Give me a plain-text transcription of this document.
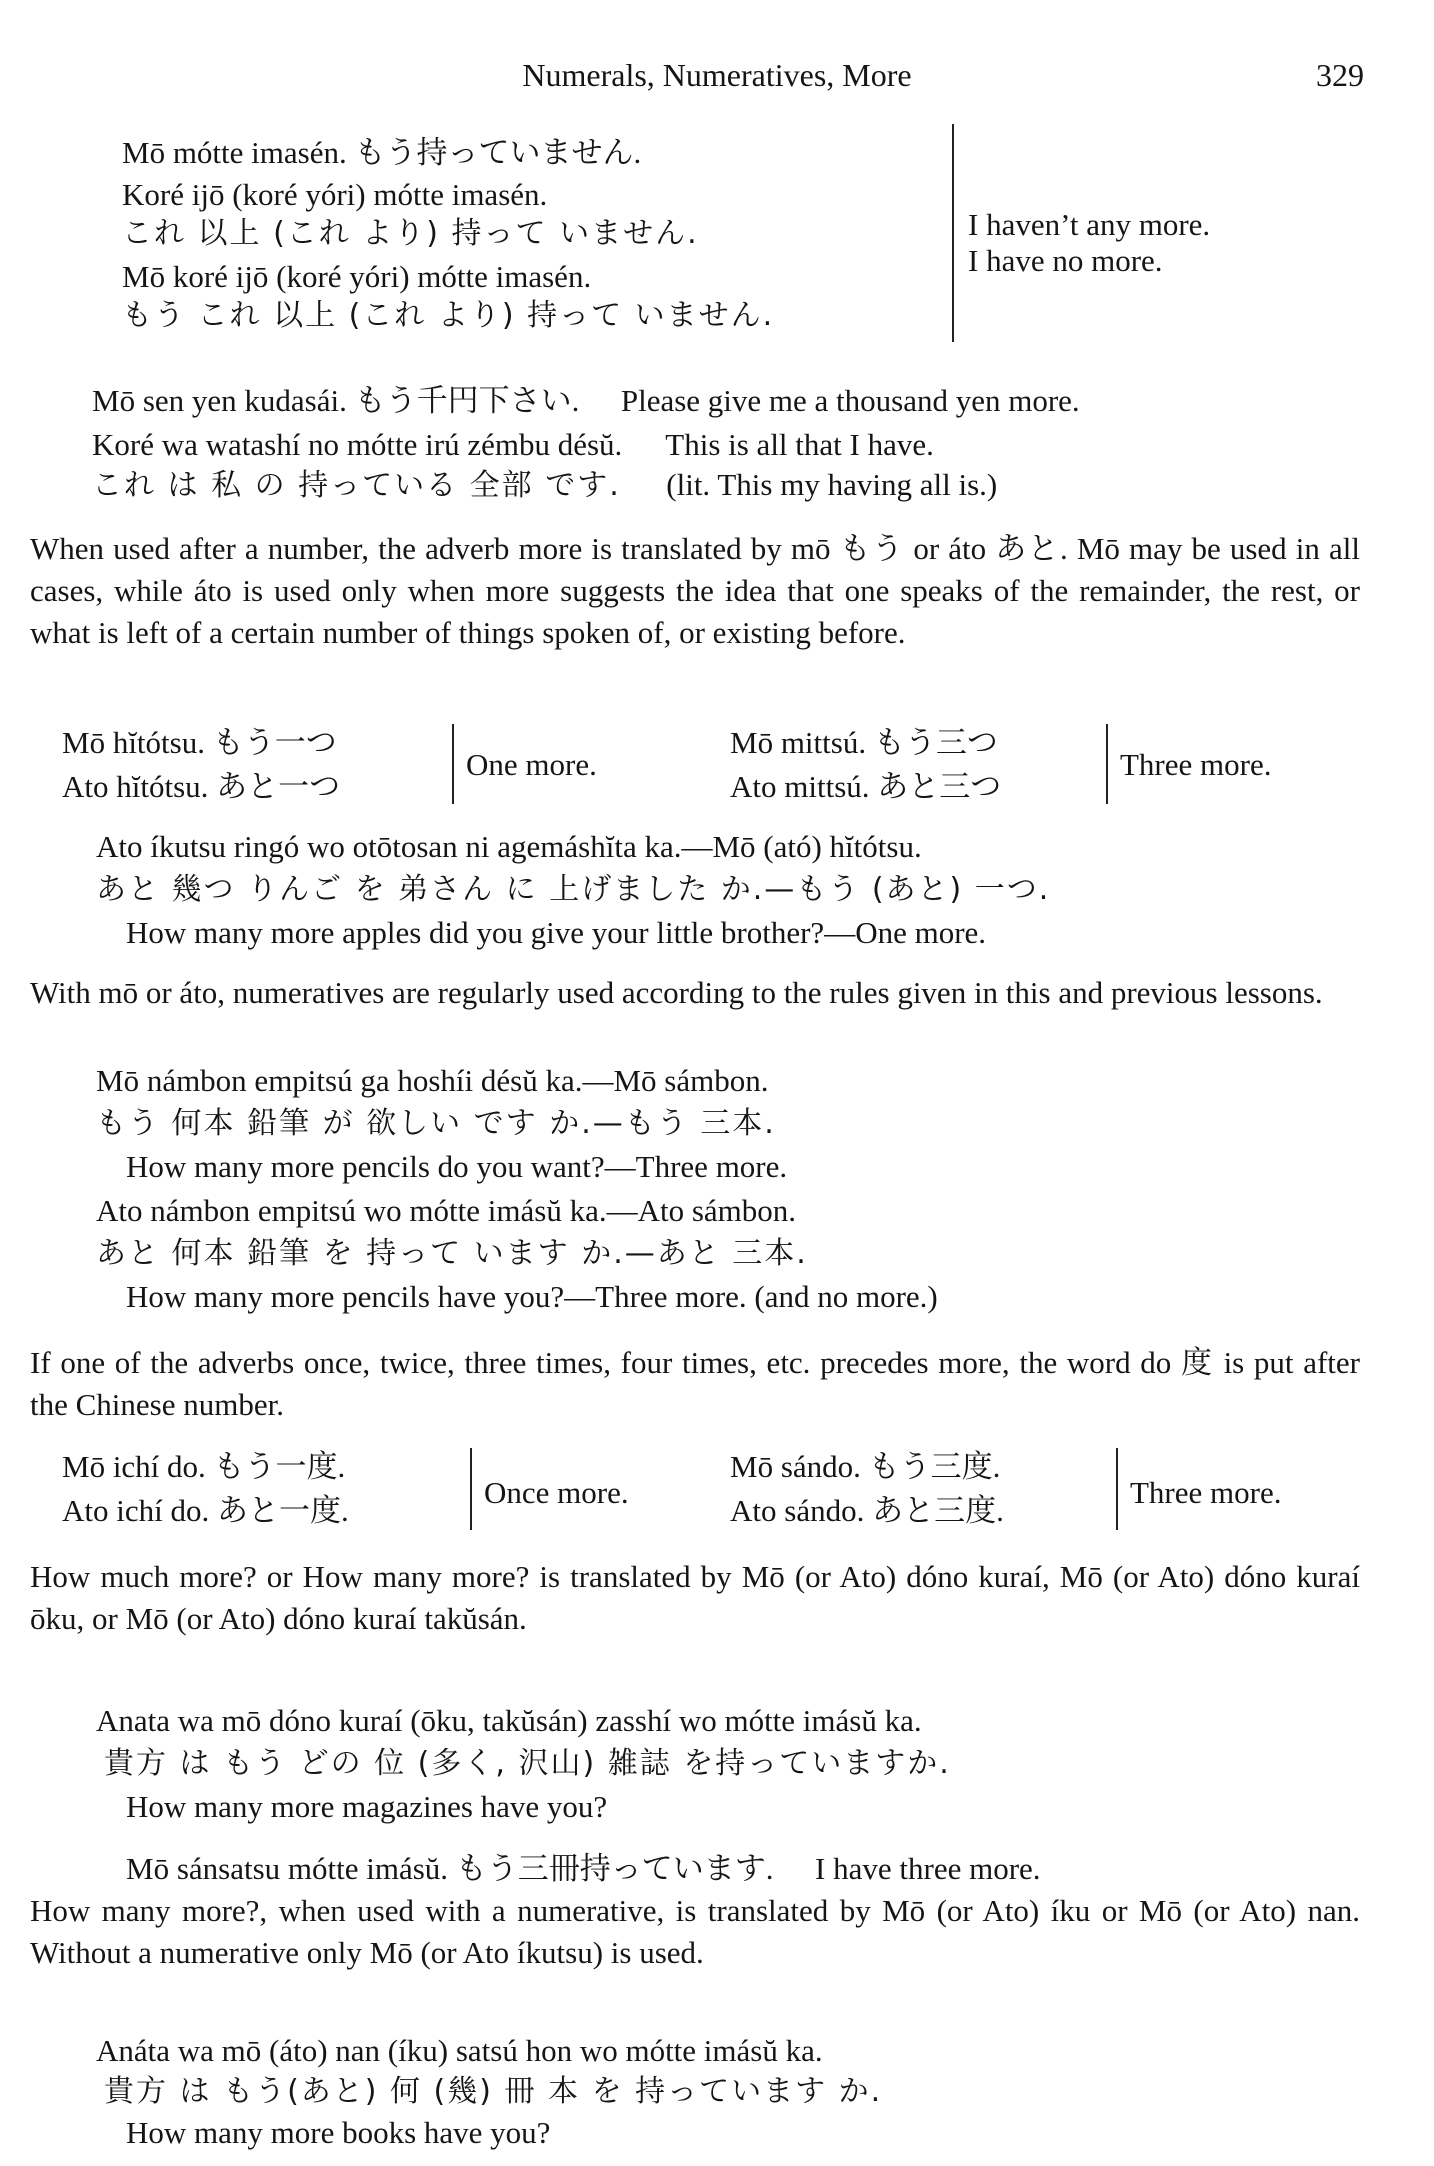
Numerals, Numeratives, More	329
Mō mótte imasén. もう持っていません.
Koré ijō (koré yóri) mótte imasén.
これ 以上 (これ より) 持って いません.
Mō koré ijō (koré yóri) mótte imasén.
もう これ 以上 (これ より) 持って いません.
I haven’t any more.
I have no more.
Mō sen yen kudasái. もう千円下さい. Please give me a thousand yen more.
Koré wa watashí no mótte irú zémbu désŭ. This is all that I have.
これ は 私 の 持っている 全部 です. (lit. This my having all is.)
When used after a number, the adverb more is translated by mō もう or áto あと. Mō may be used in all cases, while áto is used only when more suggests the idea that one speaks of the remainder, the rest, or what is left of a certain number of things spoken of, or existing before.
Mō hĭtótsu. もう一つ
Ato hĭtótsu. あと一つ
One more.
Mō mittsú. もう三つ
Ato mittsú. あと三つ
Three more.
Ato íkutsu ringó wo otōtosan ni agemáshĭta ka.—Mō (ató) hĭtótsu.
あと 幾つ りんご を 弟さん に 上げました か.—もう (あと) 一つ.
How many more apples did you give your little brother?—One more.
With mō or áto, numeratives are regularly used according to the rules given in this and previous lessons.
Mō námbon empitsú ga hoshíi désŭ ka.—Mō sámbon.
もう 何本 鉛筆 が 欲しい です か.—もう 三本.
How many more pencils do you want?—Three more.
Ato námbon empitsú wo mótte imásŭ ka.—Ato sámbon.
あと 何本 鉛筆 を 持って います か.—あと 三本.
How many more pencils have you?—Three more. (and no more.)
If one of the adverbs once, twice, three times, four times, etc. precedes more, the word do 度 is put after the Chinese number.
Mō ichí do. もう一度.
Ato ichí do. あと一度.
Once more.
Mō sándo. もう三度.
Ato sándo. あと三度.
Three more.
How much more? or How many more? is translated by Mō (or Ato) dóno kuraí, Mō (or Ato) dóno kuraí ōku, or Mō (or Ato) dóno kuraí takŭsán.
Anata wa mō dóno kuraí (ōku, takŭsán) zasshí wo mótte imásŭ ka.
貴方 は もう どの 位 (多く, 沢山) 雑誌 を持っていますか.
How many more magazines have you?
Mō sánsatsu mótte imásŭ. もう三冊持っています. I have three more.
How many more?, when used with a numerative, is translated by Mō (or Ato) íku or Mō (or Ato) nan. Without a numerative only Mō (or Ato íkutsu) is used.
Anáta wa mō (áto) nan (íku) satsú hon wo mótte imásŭ ka.
貴方 は もう(あと) 何 (幾) 冊 本 を 持っています か.
How many more books have you?
